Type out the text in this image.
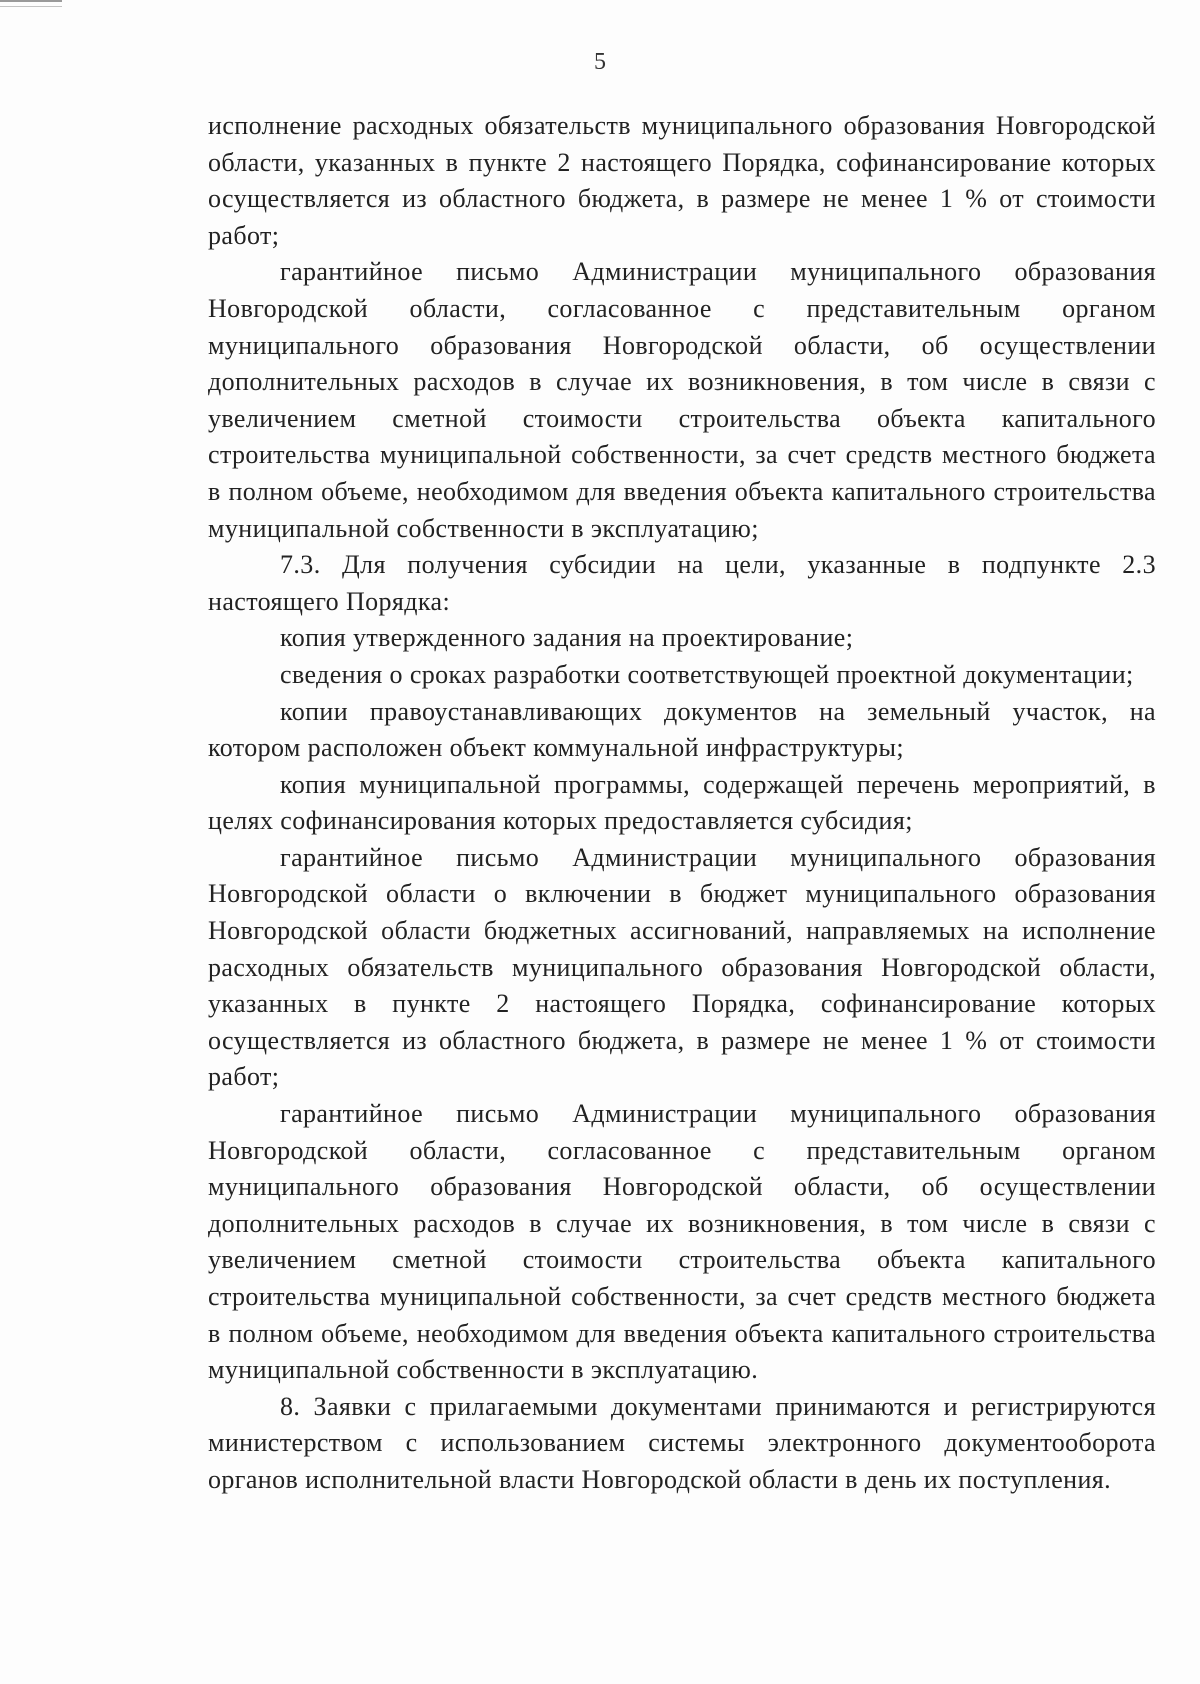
5

исполнение расходных обязательств муниципального образования Новгородской области, указанных в пункте 2 настоящего Порядка, софинансирование которых осуществляется из областного бюджета, в размере не менее 1 % от стоимости работ;

гарантийное письмо Администрации муниципального образования Новгородской области, согласованное с представительным органом муниципального образования Новгородской области, об осуществлении дополнительных расходов в случае их возникновения, в том числе в связи с увеличением сметной стоимости строительства объекта капитального строительства муниципальной собственности, за счет средств местного бюджета в полном объеме, необходимом для введения объекта капитального строительства муниципальной собственности в эксплуатацию;

7.3. Для получения субсидии на цели, указанные в подпункте 2.3 настоящего Порядка:

копия утвержденного задания на проектирование;

сведения о сроках разработки соответствующей проектной документации;

копии правоустанавливающих документов на земельный участок, на котором расположен объект коммунальной инфраструктуры;

копия муниципальной программы, содержащей перечень мероприятий, в целях софинансирования которых предоставляется субсидия;

гарантийное письмо Администрации муниципального образования Новгородской области о включении в бюджет муниципального образования Новгородской области бюджетных ассигнований, направляемых на исполнение расходных обязательств муниципального образования Новгородской области, указанных в пункте 2 настоящего Порядка, софинансирование которых осуществляется из областного бюджета, в размере не менее 1 % от стоимости работ;

гарантийное письмо Администрации муниципального образования Новгородской области, согласованное с представительным органом муниципального образования Новгородской области, об осуществлении дополнительных расходов в случае их возникновения, в том числе в связи с увеличением сметной стоимости строительства объекта капитального строительства муниципальной собственности, за счет средств местного бюджета в полном объеме, необходимом для введения объекта капитального строительства муниципальной собственности в эксплуатацию.

8. Заявки с прилагаемыми документами принимаются и регистрируются министерством с использованием системы электронного документооборота органов исполнительной власти Новгородской области в день их поступления.
